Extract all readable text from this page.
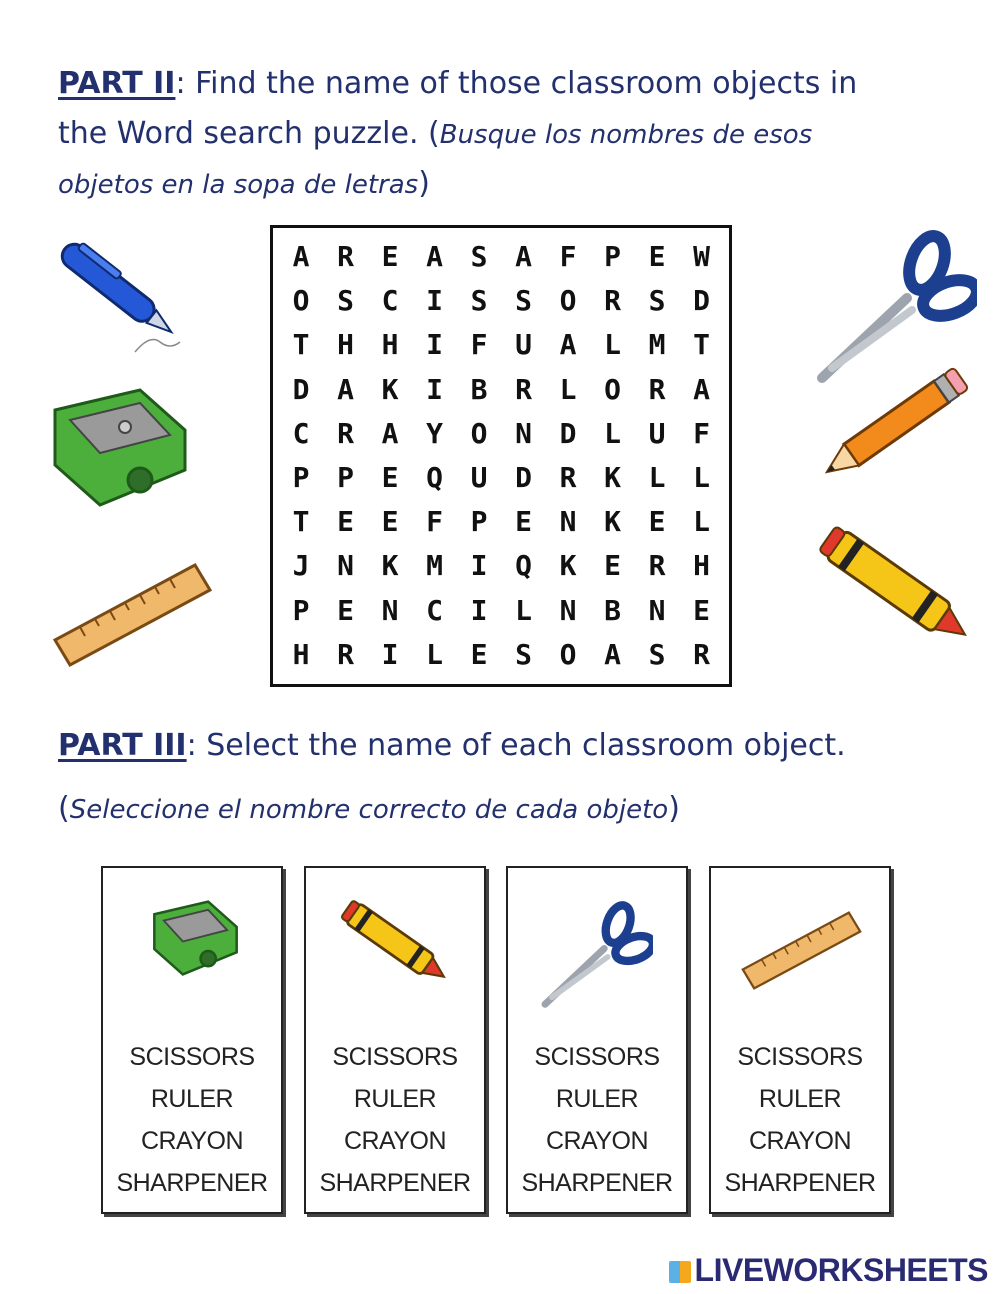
PART II: Find the name of those classroom objects in
the Word search puzzle. (Busque los nombres de esos
objetos en la sopa de letras)
A R E A S A F P E W
O S C I S S O R S D
T H H I F U A L M T
D A K I B R L O R A
C R A Y O N D L U F
P P E Q U D R K L L
T E E F P E N K E L
J N K M I Q K E R H
P E N C I L N B N E
H R I L E S O A S R
PART III: Select the name of each classroom object.
(Seleccione el nombre correcto de cada objeto)
SCISSORS
RULER
CRAYON
SHARPENER
SCISSORS
RULER
CRAYON
SHARPENER
SCISSORS
RULER
CRAYON
SHARPENER
SCISSORS
RULER
CRAYON
SHARPENER
LIVEWORKSHEETS
